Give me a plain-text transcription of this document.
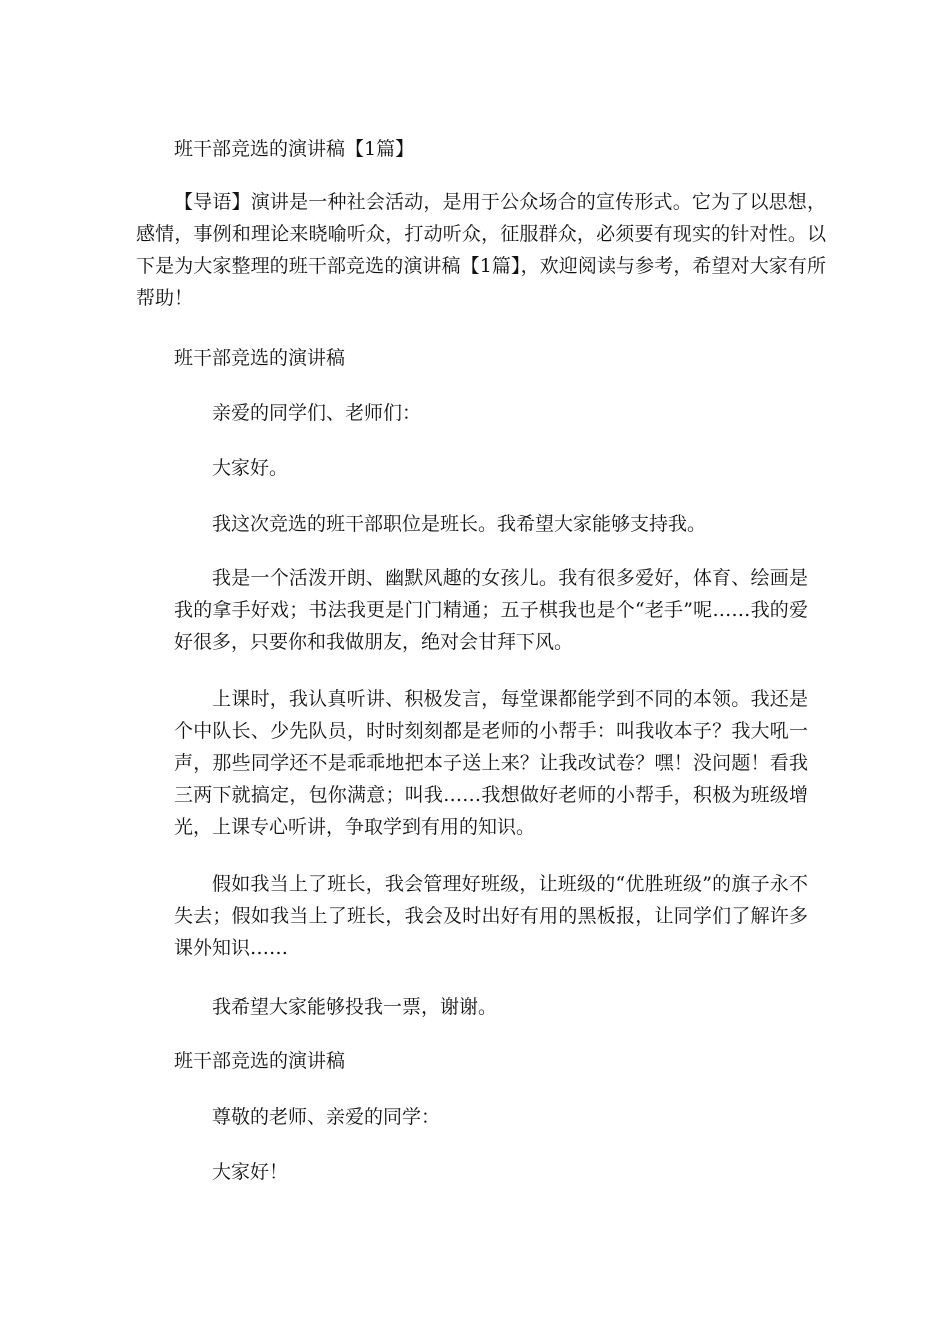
班干部竞选的演讲稿【1篇】
【导语】演讲是一种社会活动，是用于公众场合的宣传形式。它为了以思想，感情，事例和理论来晓喻听众，打动听众，征服群众，必须要有现实的针对性。以下是为大家整理的班干部竞选的演讲稿【1篇】，欢迎阅读与参考，希望对大家有所帮助！
班干部竞选的演讲稿
亲爱的同学们、老师们：
大家好。
我这次竞选的班干部职位是班长。我希望大家能够支持我。
我是一个活泼开朗、幽默风趣的女孩儿。我有很多爱好，体育、绘画是我的拿手好戏；书法我更是门门精通；五子棋我也是个“老手”呢……我的爱好很多，只要你和我做朋友，绝对会甘拜下风。
上课时，我认真听讲、积极发言，每堂课都能学到不同的本领。我还是个中队长、少先队员，时时刻刻都是老师的小帮手：叫我收本子？我大吼一声，那些同学还不是乖乖地把本子送上来？让我改试卷？嘿！没问题！看我三两下就搞定，包你满意；叫我……我想做好老师的小帮手，积极为班级增光，上课专心听讲，争取学到有用的知识。
假如我当上了班长，我会管理好班级，让班级的“优胜班级”的旗子永不失去；假如我当上了班长，我会及时出好有用的黑板报，让同学们了解许多课外知识……
我希望大家能够投我一票，谢谢。
班干部竞选的演讲稿
尊敬的老师、亲爱的同学：
大家好！
